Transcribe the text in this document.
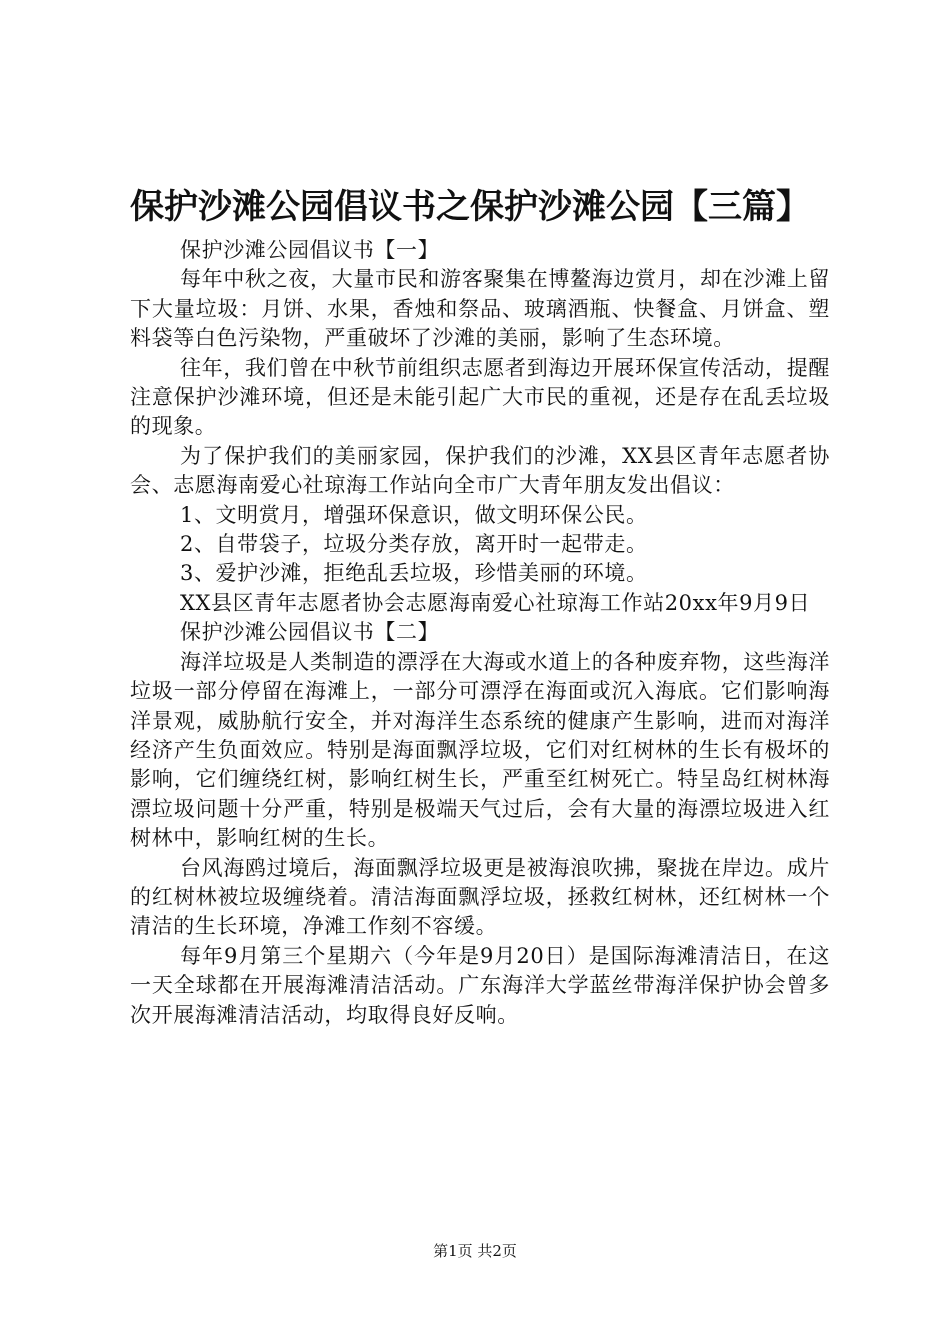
保护沙滩公园倡议书之保护沙滩公园【三篇】

保护沙滩公园倡议书【一】

每年中秋之夜，大量市民和游客聚集在博鳌海边赏月，却在沙滩上留下大量垃圾：月饼、水果，香烛和祭品、玻璃酒瓶、快餐盒、月饼盒、塑料袋等白色污染物，严重破坏了沙滩的美丽，影响了生态环境。

往年，我们曾在中秋节前组织志愿者到海边开展环保宣传活动，提醒注意保护沙滩环境，但还是未能引起广大市民的重视，还是存在乱丢垃圾的现象。

为了保护我们的美丽家园，保护我们的沙滩，XX县区青年志愿者协会、志愿海南爱心社琼海工作站向全市广大青年朋友发出倡议：

1、文明赏月，增强环保意识，做文明环保公民。

2、自带袋子，垃圾分类存放，离开时一起带走。

3、爱护沙滩，拒绝乱丢垃圾，珍惜美丽的环境。

XX县区青年志愿者协会志愿海南爱心社琼海工作站20xx年9月9日

保护沙滩公园倡议书【二】

海洋垃圾是人类制造的漂浮在大海或水道上的各种废弃物，这些海洋垃圾一部分停留在海滩上，一部分可漂浮在海面或沉入海底。它们影响海洋景观，威胁航行安全，并对海洋生态系统的健康产生影响，进而对海洋经济产生负面效应。特别是海面飘浮垃圾，它们对红树林的生长有极坏的影响，它们缠绕红树，影响红树生长，严重至红树死亡。特呈岛红树林海漂垃圾问题十分严重，特别是极端天气过后，会有大量的海漂垃圾进入红树林中，影响红树的生长。

台风海鸥过境后，海面飘浮垃圾更是被海浪吹拂，聚拢在岸边。成片的红树林被垃圾缠绕着。清洁海面飘浮垃圾，拯救红树林，还红树林一个清洁的生长环境，净滩工作刻不容缓。

每年9月第三个星期六（今年是9月20日）是国际海滩清洁日，在这一天全球都在开展海滩清洁活动。广东海洋大学蓝丝带海洋保护协会曾多次开展海滩清洁活动，均取得良好反响。

第1页 共2页
